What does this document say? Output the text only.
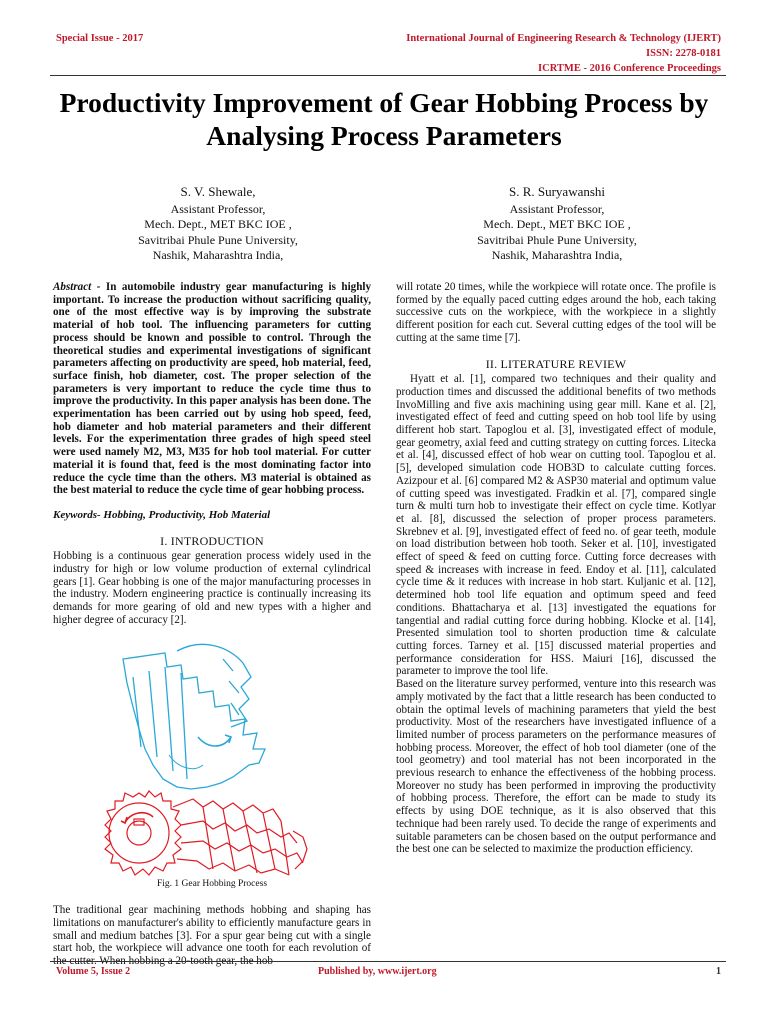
Special Issue - 2017	International Journal of Engineering Research & Technology (IJERT)
ISSN: 2278-0181
ICRTME - 2016 Conference Proceedings
Productivity Improvement of Gear Hobbing Process by Analysing Process Parameters
S. V. Shewale,
Assistant Professor,
Mech. Dept., MET BKC IOE ,
Savitribai Phule Pune University,
Nashik, Maharashtra India,
S. R. Suryawanshi
Assistant Professor,
Mech. Dept., MET BKC IOE ,
Savitribai Phule Pune University,
Nashik, Maharashtra India,

Abstract - In automobile industry gear manufacturing is highly important. To increase the production without sacrificing quality, one of the most effective way is by improving the substrate material of hob tool. The influencing parameters for cutting process should be known and possible to control. Through the theoretical studies and experimental investigations of significant parameters affecting on productivity are speed, hob material, feed, surface finish, hob diameter, cost. The proper selection of the parameters is very important to reduce the cycle time thus to improve the productivity. In this paper analysis has been done. The experimentation has been carried out by using hob speed, feed, hob diameter and hob material parameters and their different levels. For the experimentation three grades of high speed steel were used namely M2, M3, M35 for hob tool material. For cutter material it is found that, feed is the most dominating factor into reduce the cycle time than the others. M3 material is obtained as the best material to reduce the cycle time of gear hobbing process.

Keywords- Hobbing, Productivity, Hob Material

I. INTRODUCTION

Hobbing is a continuous gear generation process widely used in the industry for high or low volume production of external cylindrical gears [1]. Gear hobbing is one of the major manufacturing processes in the industry. Modern engineering practice is continually increasing its demands for more gearing of old and new types with a higher and higher degree of accuracy [2].

Fig. 1 Gear Hobbing Process

The traditional gear machining methods hobbing and shaping has limitations on manufacturer's ability to efficiently manufacture gears in small and medium batches [3]. For a spur gear being cut with a single start hob, the workpiece will advance one tooth for each revolution of the cutter. When hobbing a 20-tooth gear, the hob

will rotate 20 times, while the workpiece will rotate once. The profile is formed by the equally paced cutting edges around the hob, each taking successive cuts on the workpiece, with the workpiece in a slightly different position for each cut. Several cutting edges of the tool will be cutting at the same time [7].

II. LITERATURE REVIEW

Hyatt et al. [1], compared two techniques and their quality and production times and discussed the additional benefits of two methods InvoMilling and five axis machining using gear mill. Kane et al. [2], investigated effect of feed and cutting speed on hob tool life by using different hob start. Tapoglou et al. [3], investigated effect of module, gear geometry, axial feed and cutting strategy on cutting forces. Litecka et al. [4], discussed effect of hob wear on cutting tool. Tapoglou et al. [5], developed simulation code HOB3D to calculate cutting forces. Azizpour et al. [6] compared M2 & ASP30 material and optimum value of cutting speed was investigated. Fradkin et al. [7], compared single turn & multi turn hob to investigate their effect on cycle time. Kotlyar et al. [8], discussed the selection of proper process parameters. Skrebnev et al. [9], investigated effect of feed no. of gear teeth, module on load distribution between hob tooth. Seker et al. [10], investigated effect of speed & feed on cutting force. Cutting force decreases with speed & increases with increase in feed. Endoy et al. [11], calculated cycle time & it reduces with increase in hob start. Kuljanic et al. [12], determined hob tool life equation and optimum speed and feed conditions. Bhattacharya et al. [13] investigated the equations for tangential and radial cutting force during hobbing. Klocke et al. [14], Presented simulation tool to shorten production time & calculate cutting forces. Tarney et al. [15] discussed material properties and performance consideration for HSS. Maiuri [16], discussed the parameter to improve the tool life.

Based on the literature survey performed, venture into this research was amply motivated by the fact that a little research has been conducted to obtain the optimal levels of machining parameters that yield the best productivity. Most of the researchers have investigated influence of a limited number of process parameters on the performance measures of hobbing process. Moreover, the effect of hob tool diameter (one of the tool geometry) and tool material has not been incorporated in the previous research to enhance the effectiveness of the hobbing process. Moreover no study has been performed in improving the productivity of hobbing process. Therefore, the effort can be made to study its effects by using DOE technique, as it is also observed that this technique had been rarely used. To decide the range of experiments and suitable parameters can be chosen based on the output performance and the best one can be selected to maximize the production efficiency.

Volume 5, Issue 2	Published by, www.ijert.org	1
